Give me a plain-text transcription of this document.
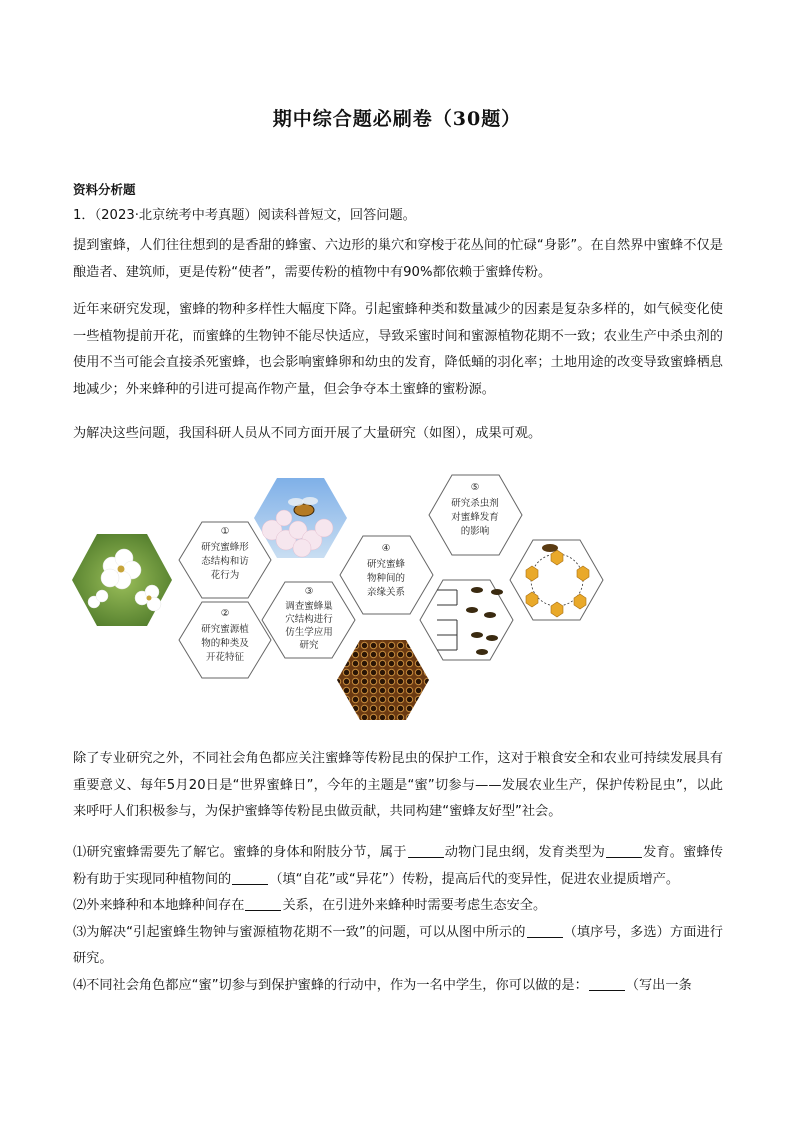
期中综合题必刷卷（30题）
资料分析题
1．（2023·北京统考中考真题）阅读科普短文，回答问题。
提到蜜蜂，人们往往想到的是香甜的蜂蜜、六边形的巢穴和穿梭于花丛间的忙碌“身影”。在自然界中蜜蜂不仅是酿造者、建筑师，更是传粉“使者”，需要传粉的植物中有90%都依赖于蜜蜂传粉。
近年来研究发现，蜜蜂的物种多样性大幅度下降。引起蜜蜂种类和数量减少的因素是复杂多样的，如气候变化使一些植物提前开花，而蜜蜂的生物钟不能尽快适应，导致采蜜时间和蜜源植物花期不一致；农业生产中杀虫剂的使用不当可能会直接杀死蜜蜂，也会影响蜜蜂卵和幼虫的发育，降低蛹的羽化率；土地用途的改变导致蜜蜂栖息地减少；外来蜂种的引进可提高作物产量，但会争夺本土蜜蜂的蜜粉源。
为解决这些问题，我国科研人员从不同方面开展了大量研究（如图），成果可观。
①
研究蜜蜂形
态结构和访
花行为
②
研究蜜源植
物的种类及
开花特征
③
调查蜜蜂巢
穴结构进行
仿生学应用
研究
④
研究蜜蜂
物种间的
亲缘关系
⑤
研究杀虫剂
对蜜蜂发育
的影响
除了专业研究之外，不同社会角色都应关注蜜蜂等传粉昆虫的保护工作，这对于粮食安全和农业可持续发展具有重要意义、每年5月20日是“世界蜜蜂日”，今年的主题是“蜜”切参与——发展农业生产，保护传粉昆虫”，以此来呼吁人们积极参与，为保护蜜蜂等传粉昆虫做贡献，共同构建“蜜蜂友好型”社会。
⑴研究蜜蜂需要先了解它。蜜蜂的身体和附肢分节，属于	动物门昆虫纲，发育类型为	发育。蜜蜂传粉有助于实现同种植物间的	（填“自花”或“异花”）传粉，提高后代的变异性，促进农业提质增产。
⑵外来蜂种和本地蜂种间存在	关系，在引进外来蜂种时需要考虑生态安全。
⑶为解决“引起蜜蜂生物钟与蜜源植物花期不一致”的问题，可以从图中所示的	（填序号，多选）方面进行研究。
⑷不同社会角色都应“蜜”切参与到保护蜜蜂的行动中，作为一名中学生，你可以做的是：	（写出一条
